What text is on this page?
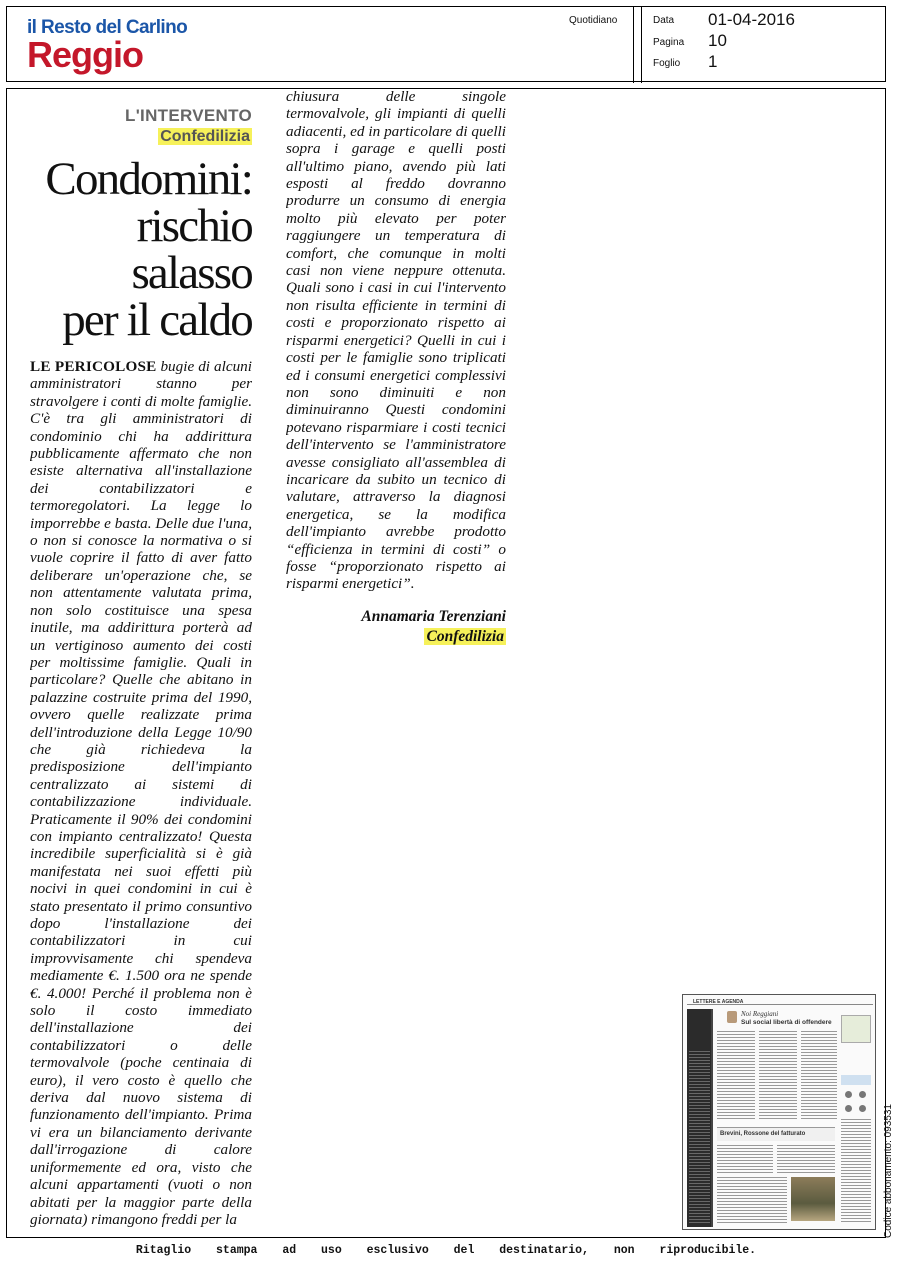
il Resto del Carlino
Reggio
Quotidiano	Data 01-04-2016
Pagina 10
Foglio 1
L'INTERVENTO
Confedilizia
Condomini:
rischio
salasso
per il caldo
LE PERICOLOSE bugie di alcuni amministratori stanno per stravolgere i conti di molte famiglie. C'è tra gli amministratori di condominio chi ha addirittura pubblicamente affermato che non esiste alternativa all'installazione dei contabilizzatori e termoregolatori. La legge lo imporrebbe e basta. Delle due l'una, o non si conosce la normativa o si vuole coprire il fatto di aver fatto deliberare un'operazione che, se non attentamente valutata prima, non solo costituisce una spesa inutile, ma addirittura porterà ad un vertiginoso aumento dei costi per moltissime famiglie. Quali in particolare? Quelle che abitano in palazzine costruite prima del 1990, ovvero quelle realizzate prima dell'introduzione della Legge 10/90 che già richiedeva la predisposizione dell'impianto centralizzato ai sistemi di contabilizzazione individuale. Praticamente il 90% dei condomini con impianto centralizzato! Questa incredibile superficialità si è già manifestata nei suoi effetti più nocivi in quei condomini in cui è stato presentato il primo consuntivo dopo l'installazione dei contabilizzatori in cui improvvisamente chi spendeva mediamente €. 1.500 ora ne spende €. 4.000! Perché il problema non è solo il costo immediato dell'installazione dei contabilizzatori o delle termovalvole (poche centinaia di euro), il vero costo è quello che deriva dal nuovo sistema di funzionamento dell'impianto. Prima vi era un bilanciamento derivante dall'irrogazione di calore uniformemente ed ora, visto che alcuni appartamenti (vuoti o non abitati per la maggior parte della giornata) rimangono freddi per la
chiusura delle singole termovalvole, gli impianti di quelli adiacenti, ed in particolare di quelli sopra i garage e quelli posti all'ultimo piano, avendo più lati esposti al freddo dovranno produrre un consumo di energia molto più elevato per poter raggiungere un temperatura di comfort, che comunque in molti casi non viene neppure ottenuta. Quali sono i casi in cui l'intervento non risulta efficiente in termini di costi e proporzionato rispetto ai risparmi energetici? Quelli in cui i costi per le famiglie sono triplicati ed i consumi energetici complessivi non sono diminuiti e non diminuiranno Questi condomini potevano risparmiare i costi tecnici dell'intervento se l'amministratore avesse consigliato all'assemblea di incaricare da subito un tecnico di valutare, attraverso la diagnosi energetica, se la modifica dell'impianto avrebbe prodotto “efficienza in termini di costi” o fosse “proporzionato rispetto ai risparmi energetici”.
Annamaria Terenziani
Confedilizia
LETTERE E AGENDA
Noi Reggiani
Sul social libertà di offendere
Brevini, Rossone del fatturato	Codice abbonamento: 093531
Ritaglio stampa ad uso esclusivo del destinatario, non riproducibile.
